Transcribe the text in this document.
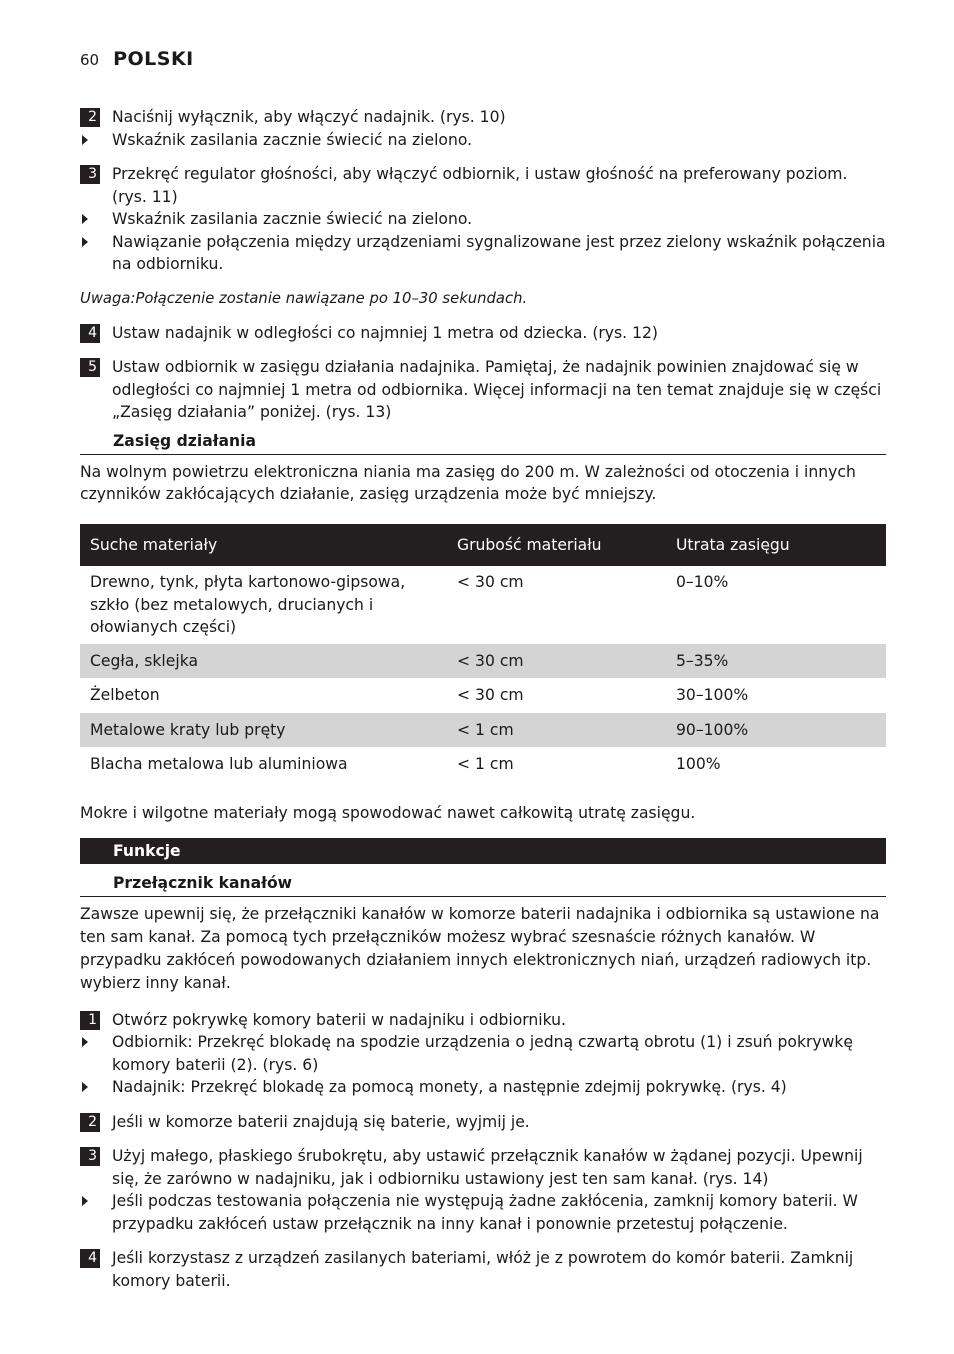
60 POLSKI
2 Naciśnij wyłącznik, aby włączyć nadajnik. (rys. 10)
Wskaźnik zasilania zacznie świecić na zielono.
3 Przekręć regulator głośności, aby włączyć odbiornik, i ustaw głośność na preferowany poziom. (rys. 11)
Wskaźnik zasilania zacznie świecić na zielono.
Nawiązanie połączenia między urządzeniami sygnalizowane jest przez zielony wskaźnik połączenia na odbiorniku.
Uwaga:Połączenie zostanie nawiązane po 10–30 sekundach.
4 Ustaw nadajnik w odległości co najmniej 1 metra od dziecka. (rys. 12)
5 Ustaw odbiornik w zasięgu działania nadajnika. Pamiętaj, że nadajnik powinien znajdować się w odległości co najmniej 1 metra od odbiornika. Więcej informacji na ten temat znajduje się w części „Zasięg działania” poniżej. (rys. 13)
Zasięg działania
Na wolnym powietrzu elektroniczna niania ma zasięg do 200 m. W zależności od otoczenia i innych czynników zakłócających działanie, zasięg urządzenia może być mniejszy.
Suche materiały	Grubość materiału	Utrata zasięgu
Drewno, tynk, płyta kartonowo-gipsowa, szkło (bez metalowych, drucianych i ołowianych części)	< 30 cm	0–10%
Cegła, sklejka	< 30 cm	5–35%
Żelbeton	< 30 cm	30–100%
Metalowe kraty lub pręty	< 1 cm	90–100%
Blacha metalowa lub aluminiowa	< 1 cm	100%
Mokre i wilgotne materiały mogą spowodować nawet całkowitą utratę zasięgu.
Funkcje
Przełącznik kanałów
Zawsze upewnij się, że przełączniki kanałów w komorze baterii nadajnika i odbiornika są ustawione na ten sam kanał. Za pomocą tych przełączników możesz wybrać szesnaście różnych kanałów. W przypadku zakłóceń powodowanych działaniem innych elektronicznych niań, urządzeń radiowych itp. wybierz inny kanał.
1 Otwórz pokrywkę komory baterii w nadajniku i odbiorniku.
Odbiornik: Przekręć blokadę na spodzie urządzenia o jedną czwartą obrotu (1) i zsuń pokrywkę komory baterii (2). (rys. 6)
Nadajnik: Przekręć blokadę za pomocą monety, a następnie zdejmij pokrywkę. (rys. 4)
2 Jeśli w komorze baterii znajdują się baterie, wyjmij je.
3 Użyj małego, płaskiego śrubokrętu, aby ustawić przełącznik kanałów w żądanej pozycji. Upewnij się, że zarówno w nadajniku, jak i odbiorniku ustawiony jest ten sam kanał. (rys. 14)
Jeśli podczas testowania połączenia nie występują żadne zakłócenia, zamknij komory baterii. W przypadku zakłóceń ustaw przełącznik na inny kanał i ponownie przetestuj połączenie.
4 Jeśli korzystasz z urządzeń zasilanych bateriami, włóż je z powrotem do komór baterii. Zamknij komory baterii.
